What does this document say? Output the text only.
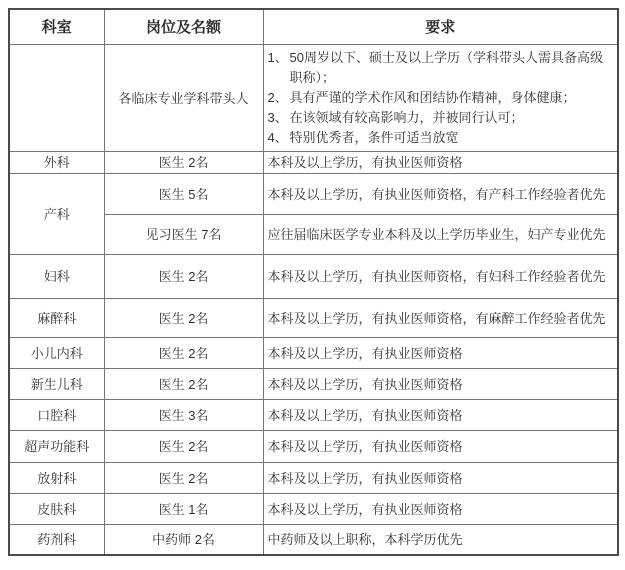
科室	岗位及名额	要求
	各临床专业学科带头人	
1、 50周岁以下、硕士及以上学历（学科带头人需具备高级职称）；
2、 具有严谨的学术作风和团结协作精神，身体健康；
3、 在该领域有较高影响力，并被同行认可；
4、 特别优秀者，条件可适当放宽

外科	医生 2名	本科及以上学历，有执业医师资格
产科	医生 5名	本科及以上学历，有执业医师资格，有产科工作经验者优先
	见习医生 7名	应往届临床医学专业本科及以上学历毕业生，妇产专业优先
妇科	医生 2名	本科及以上学历，有执业医师资格，有妇科工作经验者优先
麻醉科	医生 2名	本科及以上学历，有执业医师资格，有麻醉工作经验者优先
小儿内科	医生 2名	本科及以上学历，有执业医师资格
新生儿科	医生 2名	本科及以上学历，有执业医师资格
口腔科	医生 3名	本科及以上学历，有执业医师资格
超声功能科	医生 2名	本科及以上学历，有执业医师资格
放射科	医生 2名	本科及以上学历，有执业医师资格
皮肤科	医生 1名	本科及以上学历，有执业医师资格
药剂科	中药师 2名	中药师及以上职称，本科学历优先
